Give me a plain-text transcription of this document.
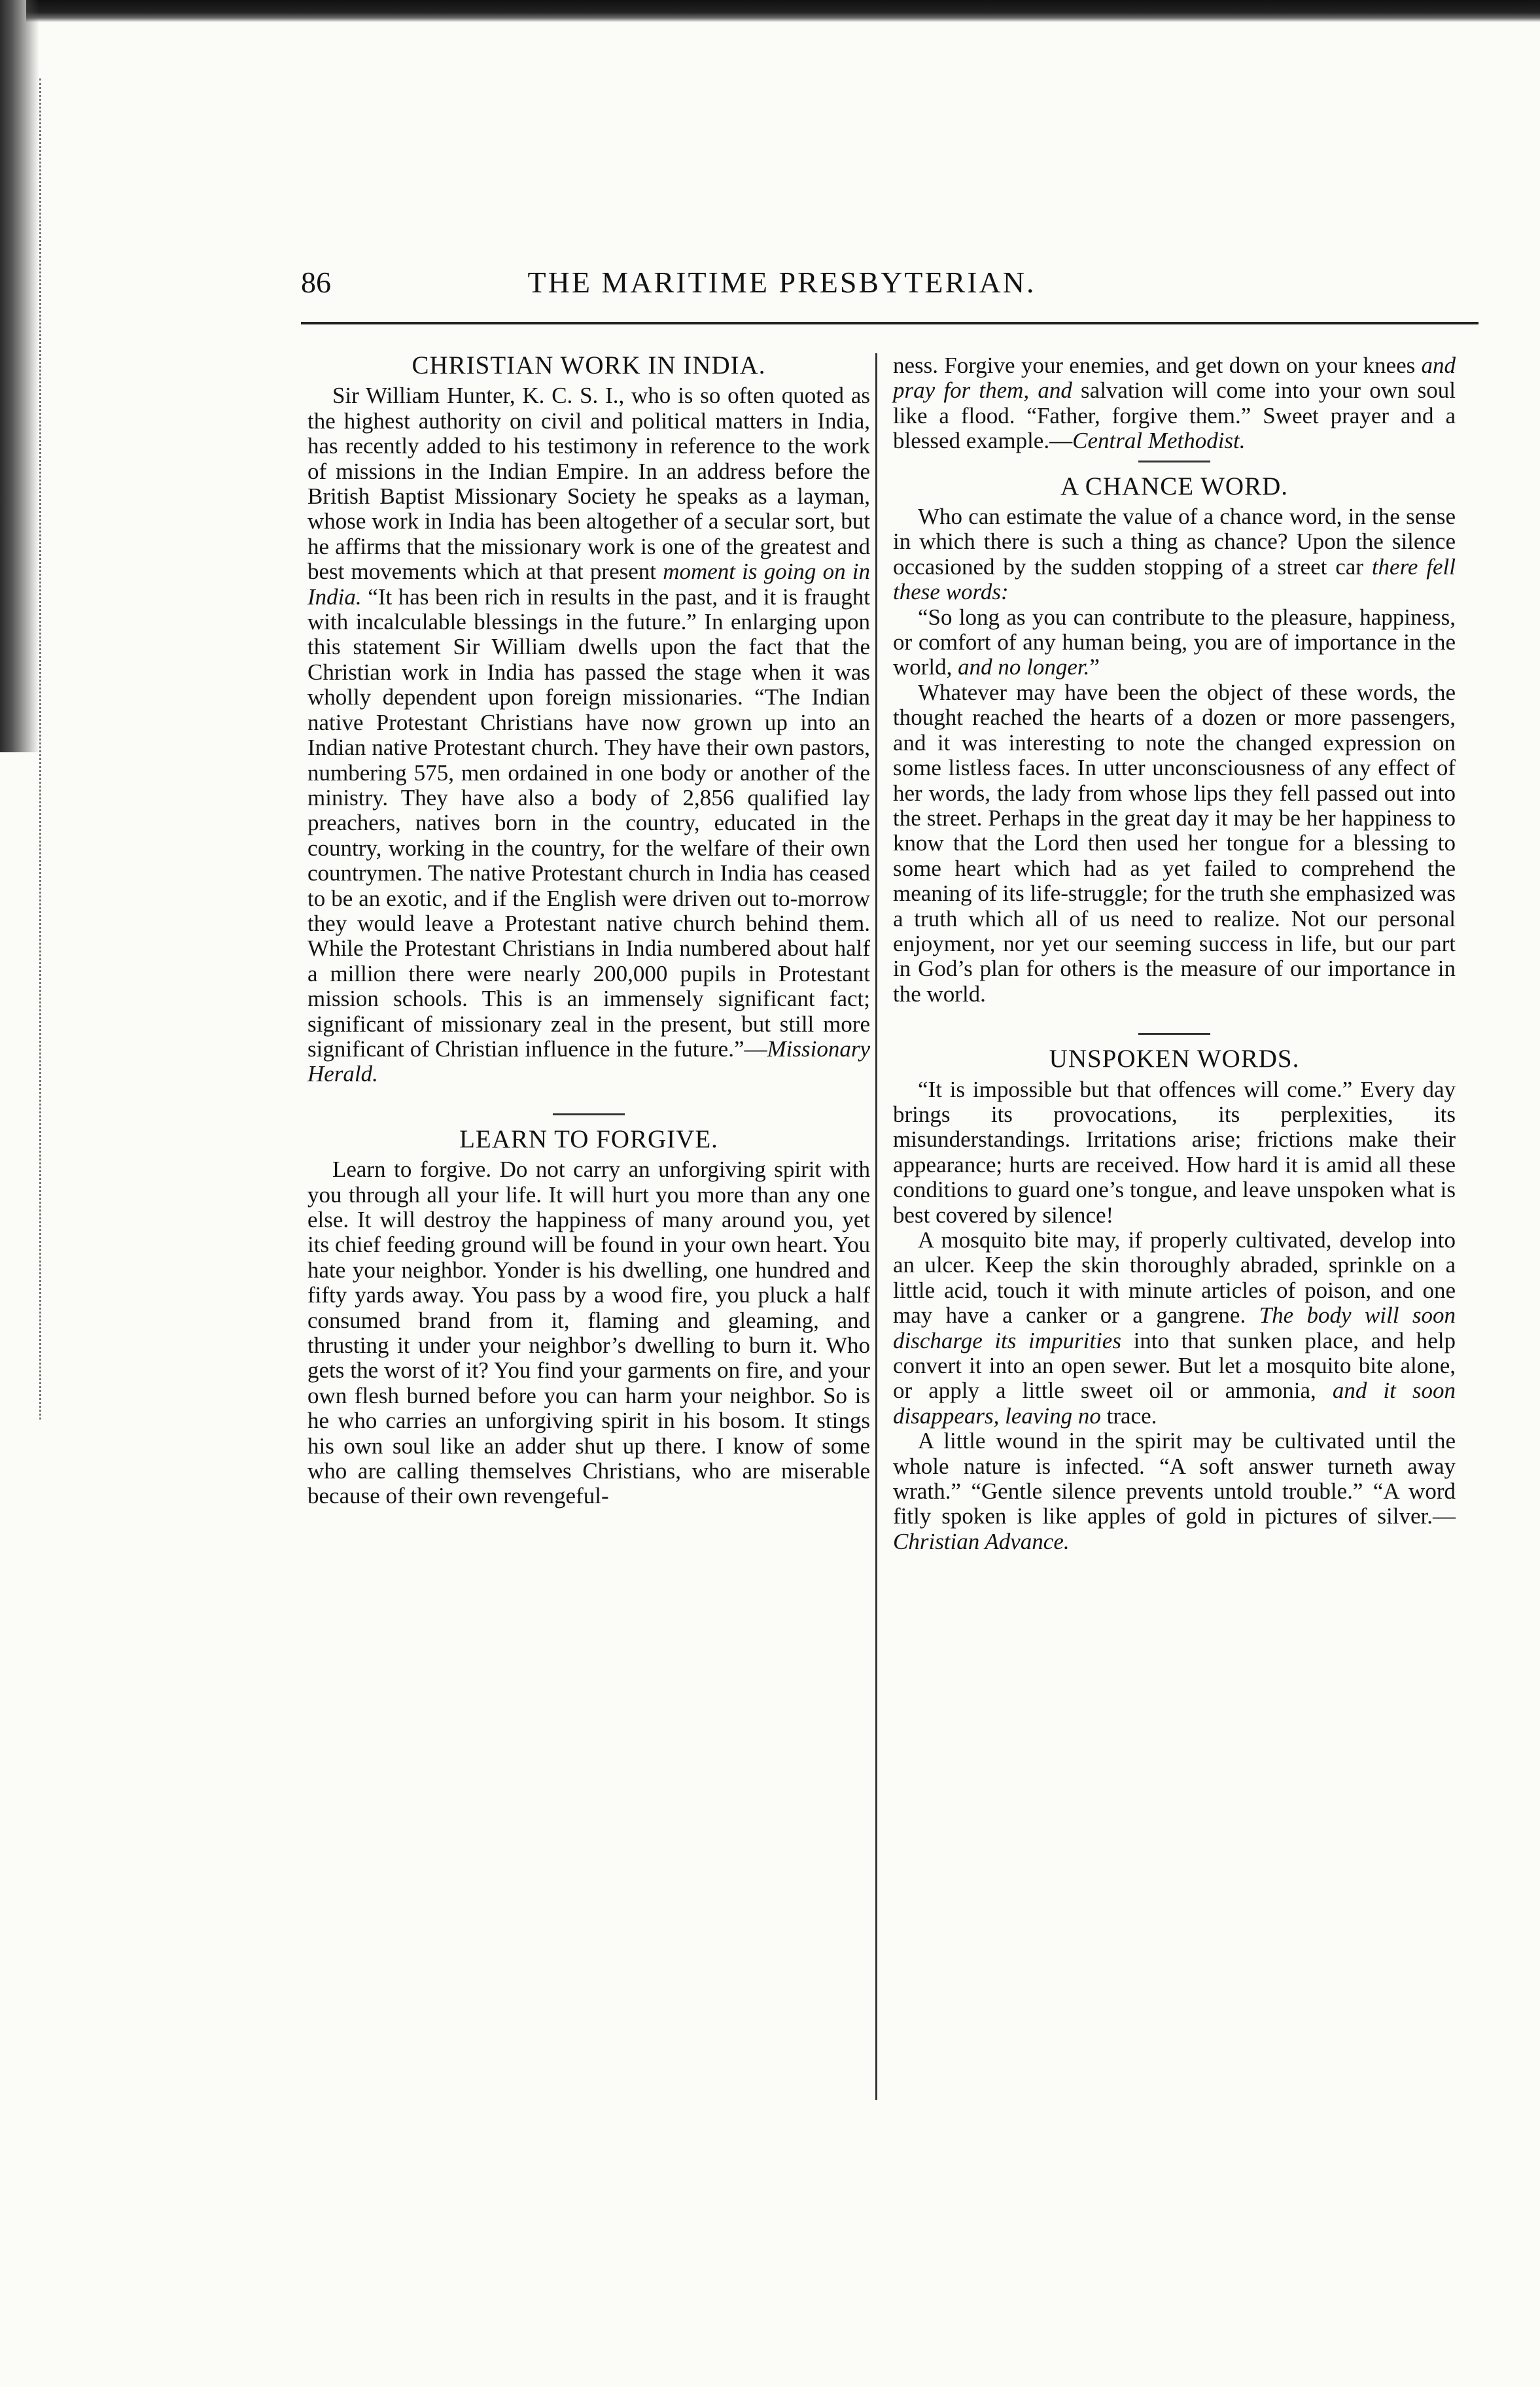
86	THE MARITIME PRESBYTERIAN.
CHRISTIAN WORK IN INDIA.

Sir William Hunter, K. C. S. I., who is so often quoted as the highest authority on civil and political matters in India, has recently added to his testimony in reference to the work of missions in the Indian Empire. In an address before the British Baptist Missionary Society he speaks as a layman, whose work in India has been altogether of a secular sort, but he affirms that the missionary work is one of the greatest and best movements which at that present moment is going on in India. “It has been rich in results in the past, and it is fraught with incalculable blessings in the future.” In enlarging upon this statement Sir William dwells upon the fact that the Christian work in India has passed the stage when it was wholly dependent upon foreign missionaries. “The Indian native Protestant Christians have now grown up into an Indian native Protestant church. They have their own pastors, numbering 575, men ordained in one body or another of the ministry. They have also a body of 2,856 qualified lay preachers, natives born in the country, educated in the country, working in the country, for the welfare of their own countrymen. The native Protestant church in India has ceased to be an exotic, and if the English were driven out to-morrow they would leave a Protestant native church behind them. While the Protestant Christians in India numbered about half a million there were nearly 200,000 pupils in Protestant mission schools. This is an immensely significant fact; significant of missionary zeal in the present, but still more significant of Christian influence in the future.”—Missionary Herald.

LEARN TO FORGIVE.

Learn to forgive. Do not carry an unforgiving spirit with you through all your life. It will hurt you more than any one else. It will destroy the happiness of many around you, yet its chief feeding ground will be found in your own heart. You hate your neighbor. Yonder is his dwelling, one hundred and fifty yards away. You pass by a wood fire, you pluck a half consumed brand from it, flaming and gleaming, and thrusting it under your neighbor’s dwelling to burn it. Who gets the worst of it? You find your garments on fire, and your own flesh burned before you can harm your neighbor. So is he who carries an unforgiving spirit in his bosom. It stings his own soul like an adder shut up there. I know of some who are calling themselves Christians, who are miserable because of their own revengeful-

ness. Forgive your enemies, and get down on your knees and pray for them, and salvation will come into your own soul like a flood. “Father, forgive them.” Sweet prayer and a blessed example.—Central Methodist.

A CHANCE WORD.

Who can estimate the value of a chance word, in the sense in which there is such a thing as chance? Upon the silence occasioned by the sudden stopping of a street car there fell these words:

“So long as you can contribute to the pleasure, happiness, or comfort of any human being, you are of importance in the world, and no longer.”

Whatever may have been the object of these words, the thought reached the hearts of a dozen or more passengers, and it was interesting to note the changed expression on some listless faces. In utter unconsciousness of any effect of her words, the lady from whose lips they fell passed out into the street. Perhaps in the great day it may be her happiness to know that the Lord then used her tongue for a blessing to some heart which had as yet failed to comprehend the meaning of its life-struggle; for the truth she emphasized was a truth which all of us need to realize. Not our personal enjoyment, nor yet our seeming success in life, but our part in God’s plan for others is the measure of our importance in the world.

UNSPOKEN WORDS.

“It is impossible but that offences will come.” Every day brings its provocations, its perplexities, its misunderstandings. Irritations arise; frictions make their appearance; hurts are received. How hard it is amid all these conditions to guard one’s tongue, and leave unspoken what is best covered by silence!

A mosquito bite may, if properly cultivated, develop into an ulcer. Keep the skin thoroughly abraded, sprinkle on a little acid, touch it with minute articles of poison, and one may have a canker or a gangrene. The body will soon discharge its impurities into that sunken place, and help convert it into an open sewer. But let a mosquito bite alone, or apply a little sweet oil or ammonia, and it soon disappears, leaving no trace.

A little wound in the spirit may be cultivated until the whole nature is infected. “A soft answer turneth away wrath.” “Gentle silence prevents untold trouble.” “A word fitly spoken is like apples of gold in pictures of silver.—Christian Advance.
